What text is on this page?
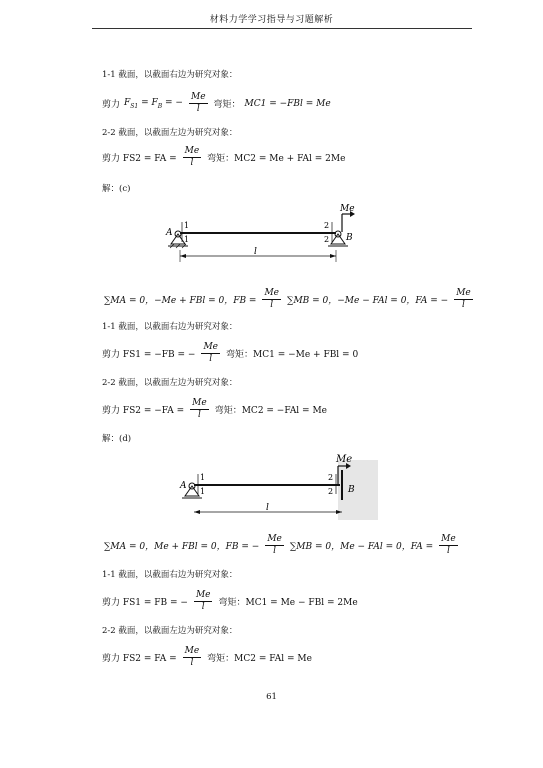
材料力学学习指导与习题解析
1-1 截面，以截面右边为研究对象：
剪力 $F_{S1} = F_B$ = − $\frac{Me}{l}$ 弯矩： MC1 = −FBl = Me
2-2 截面，以截面左边为研究对象：
剪力 FS2 = FA = $\frac{Me}{l}$ 弯矩：MC2 = Me + FAl = 2Me
解：(c)
A	B
l
Me
1
1
2
2
∑MA = 0，−Me + FBl = 0，FB = $\frac{Me}{l} \sum MB = 0$，−Me − FAl = 0，FA = − $\frac{Me}{l}$
1-1 截面，以截面右边为研究对象：
剪力 FS1 = −FB = − $\frac{Me}{l}$ 弯矩：MC1 = −Me + FBl = 0
2-2 截面，以截面左边为研究对象：
剪力 $FS2 = -FA = \frac{Me}{l}$ 弯矩：MC2 = −FAl = Me
解：(d)
A	B
l
Me
1
1
2
2
∑MA = 0，Me + FBl = 0，FB = − $\frac{Me}{l} \sum MB = 0$，Me − FAl = 0，FA = $\frac{Me}{l}$
1-1 截面，以截面右边为研究对象：
剪力 FS1 = FB = − $\frac{Me}{l}$ 弯矩：MC1 = Me − FBl = 2Me
2-2 截面，以截面左边为研究对象：
剪力 FS2 = FA = $\frac{Me}{l}$ 弯矩：MC2 = FAl = Me
61
